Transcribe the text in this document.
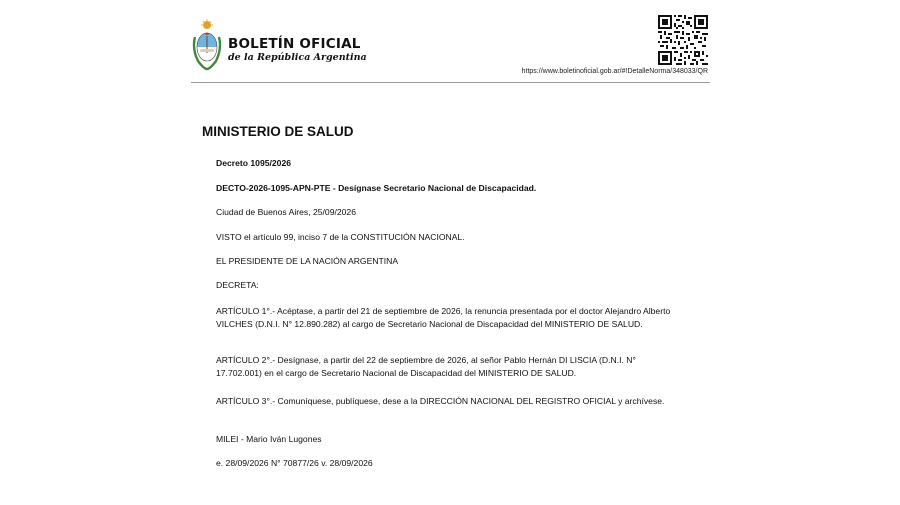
BOLETÍN OFICIAL
de la República Argentina
https://www.boletinoficial.gob.ar/#!DetalleNorma/348033/QR
MINISTERIO DE SALUD
Decreto 1095/2026
DECTO-2026-1095-APN-PTE - Desígnase Secretario Nacional de Discapacidad.
Ciudad de Buenos Aires, 25/09/2026
VISTO el artículo 99, inciso 7 de la CONSTITUCIÓN NACIONAL.
EL PRESIDENTE DE LA NACIÓN ARGENTINA
DECRETA:
ARTÍCULO 1°.- Acéptase, a partir del 21 de septiembre de 2026, la renuncia presentada por el doctor Alejandro Alberto VILCHES (D.N.I. N° 12.890.282) al cargo de Secretario Nacional de Discapacidad del MINISTERIO DE SALUD.
ARTÍCULO 2°.- Desígnase, a partir del 22 de septiembre de 2026, al señor Pablo Hernán DI LISCIA (D.N.I. N° 17.702.001) en el cargo de Secretario Nacional de Discapacidad del MINISTERIO DE SALUD.
ARTÍCULO 3°.- Comuníquese, publíquese, dese a la DIRECCIÓN NACIONAL DEL REGISTRO OFICIAL y archívese.
MILEI - Mario Iván Lugones
e. 28/09/2026 N° 70877/26 v. 28/09/2026
